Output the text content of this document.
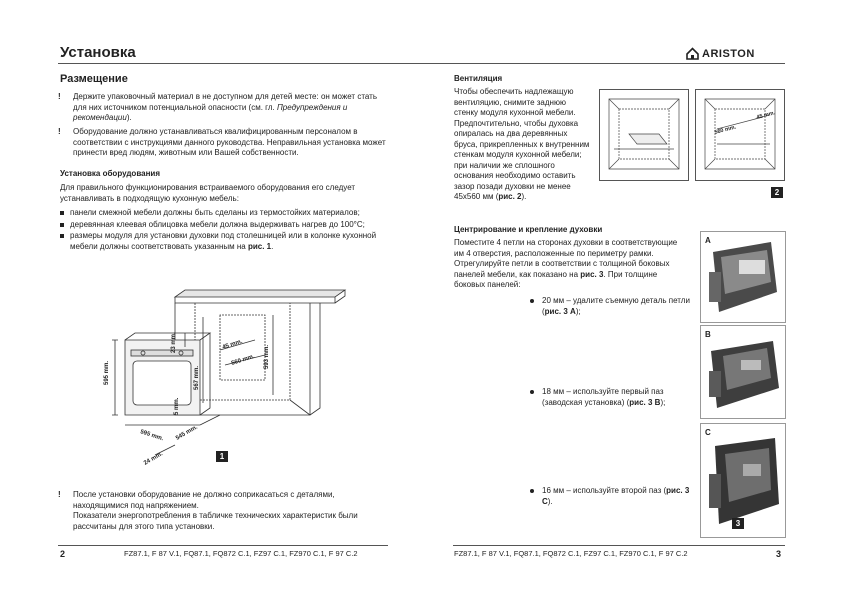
Установка	ARISTON
Размещение
! Держите упаковочный материал в не доступном для детей месте: он может стать для них источником потенциальной опасности (см. гл. Предупреждения и рекомендации).
! Оборудование должно устанавливаться квалифицированным персоналом в соответствии с инструкциями данного руководства. Неправильная установка может принести вред людям, животным или Вашей собственности.
Установка оборудования
Для правильного функционирования встраиваемого оборудования его следует устанавливать в подходящую кухонную мебель:
панели смежной мебели должны быть сделаны из термостойких материалов;
деревянная клеевая облицовка мебели должна выдерживать нагрев до 100°C;
размеры модуля для установки духовки под столешницей или в колонке кухонной мебели должны соответствовать указанным на рис. 1.
595 mm.
23 mm.	45 mm.
560 mm.
567 mm.
593 mm.
5 mm.
595 mm. 545 mm.
24 mm.	1
! После установки оборудование не должно соприкасаться с деталями, находящимися под напряжением.
Показатели энергопотребления в табличке технических характеристик были рассчитаны для этого типа установки.
2	FZ87.1, F 87 V.1, FQ87.1, FQ872 C.1, FZ97 C.1, FZ970 C.1, F 97 C.2
Вентиляция
Чтобы обеспечить надлежащую вентиляцию, снимите заднюю стенку модуля кухонной мебели. Предпочтительно, чтобы духовка опиралась на два деревянных бруса, прикрепленных к внутренним стенкам модуля кухонной мебели; при наличии же сплошного основания необходимо оставить зазор позади духовки не менее 45х560 мм (рис. 2).
560 mm.
45 mm.
2
Центрирование и крепление духовки
Поместите 4 петли на сторонах духовки в соответствующие им 4 отверстия, расположенные по периметру рамки. Отрегулируйте петли в соответствии с толщиной боковых панелей мебели, как показано на рис. 3. При толщине боковых панелей:
20 мм – удалите съемную деталь петли (рис. 3 A);
18 мм – используйте первый паз (заводская установка) (рис. 3 B);
16 мм – используйте второй паз (рис. 3 C).
A
B
C
3
FZ87.1, F 87 V.1, FQ87.1, FQ872 C.1, FZ97 C.1, FZ970 C.1, F 97 C.2	3
